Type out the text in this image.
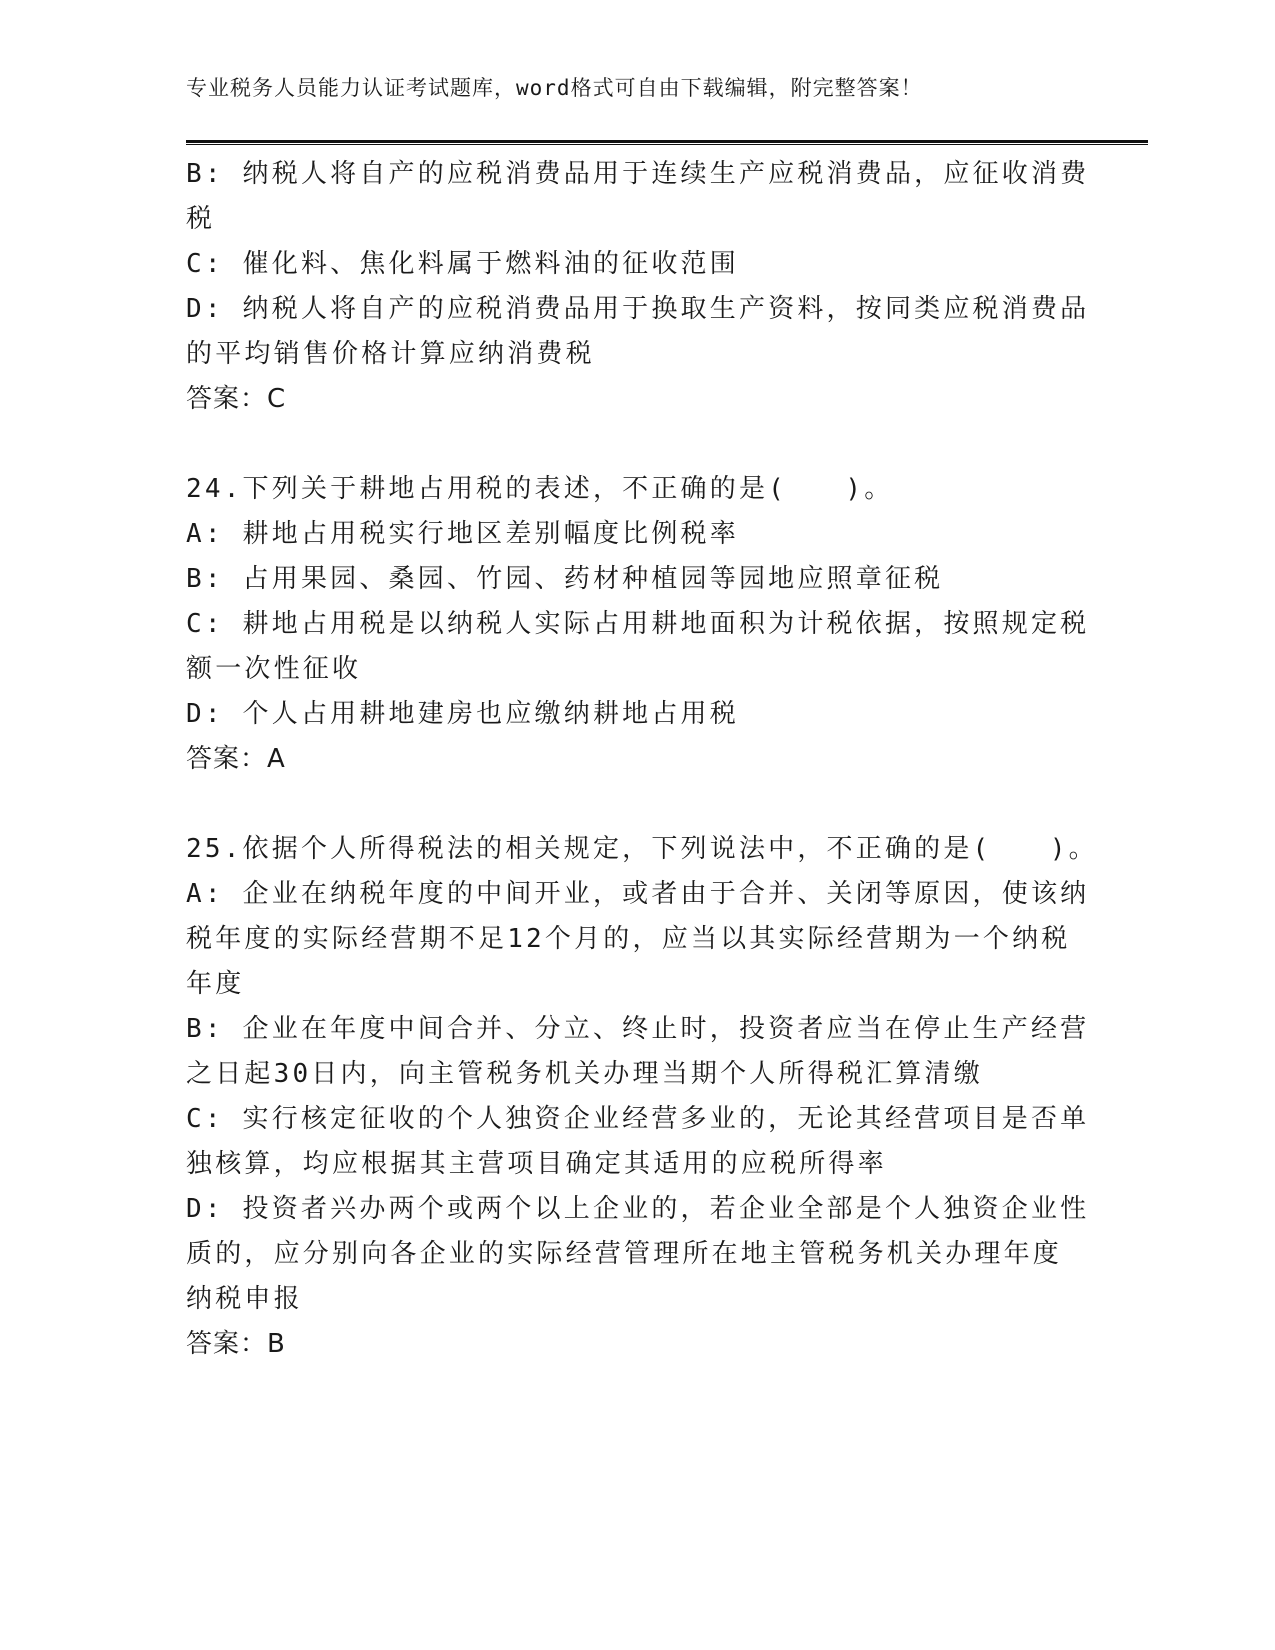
专业税务人员能力认证考试题库，word格式可自由下载编辑，附完整答案！
B: 纳税人将自产的应税消费品用于连续生产应税消费品，应征收消费
税
C: 催化料、焦化料属于燃料油的征收范围
D: 纳税人将自产的应税消费品用于换取生产资料，按同类应税消费品
的平均销售价格计算应纳消费税
答案：C
24.下列关于耕地占用税的表述，不正确的是(　　)。
A: 耕地占用税实行地区差别幅度比例税率
B: 占用果园、桑园、竹园、药材种植园等园地应照章征税
C: 耕地占用税是以纳税人实际占用耕地面积为计税依据，按照规定税
额一次性征收
D: 个人占用耕地建房也应缴纳耕地占用税
答案：A
25.依据个人所得税法的相关规定，下列说法中，不正确的是(　　)。
A: 企业在纳税年度的中间开业，或者由于合并、关闭等原因，使该纳
税年度的实际经营期不足12个月的，应当以其实际经营期为一个纳税
年度
B: 企业在年度中间合并、分立、终止时，投资者应当在停止生产经营
之日起30日内，向主管税务机关办理当期个人所得税汇算清缴
C: 实行核定征收的个人独资企业经营多业的，无论其经营项目是否单
独核算，均应根据其主营项目确定其适用的应税所得率
D: 投资者兴办两个或两个以上企业的，若企业全部是个人独资企业性
质的，应分别向各企业的实际经营管理所在地主管税务机关办理年度
纳税申报
答案：B
